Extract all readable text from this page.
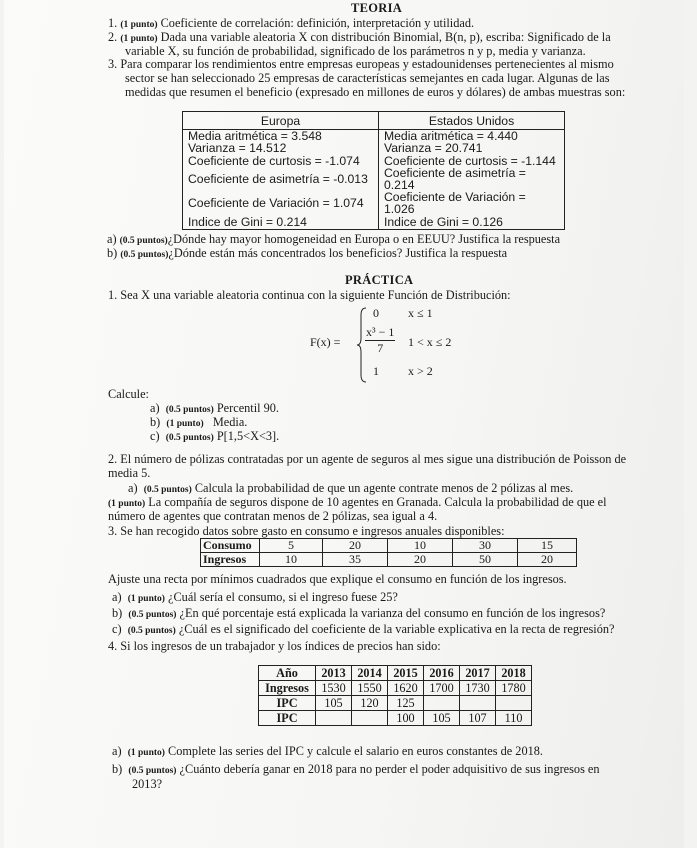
TEORIA
1. (1 punto) Coeficiente de correlación: definición, interpretación y utilidad.
2. (1 punto) Dada una variable aleatoria X con distribución Binomial, B(n, p), escriba: Significado de la
variable X, su función de probabilidad, significado de los parámetros n y p, media y varianza.
3. Para comparar los rendimientos entre empresas europeas y estadounidenses pertenecientes al mismo
sector se han seleccionado 25 empresas de características semejantes en cada lugar. Algunas de las
medidas que resumen el beneficio (expresado en millones de euros y dólares) de ambas muestras son:
Europa	Estados Unidos
Media aritmética = 3.548	Media aritmética = 4.440
Varianza = 14.512	Varianza = 20.741
Coeficiente de curtosis = -1.074	Coeficiente de curtosis = -1.144
Coeficiente de asimetría = -0.013	Coeficiente de asimetría = 0.214
Coeficiente de Variación = 1.074	Coeficiente de Variación = 1.026
Indice de Gini = 0.214	Indice de Gini = 0.126
a) (0.5 puntos)¿Dónde hay mayor homogeneidad en Europa o en EEUU? Justifica la respuesta
b) (0.5 puntos)¿Dónde están más concentrados los beneficios? Justifica la respuesta
PRÁCTICA
1. Sea X una variable aleatoria continua con la siguiente Función de Distribución:
F(x) =
0 x ≤ 1
$\frac{\text{x³ − 1}}{7} 1 < x \le 2$
1 x > 2
Calcule:
a) (0.5 puntos) Percentil 90.
b) (1 punto) Media.
c) (0.5 puntos) P[1,5<X<3].
2. El número de pólizas contratadas por un agente de seguros al mes sigue una distribución de Poisson de
media 5.
a) (0.5 puntos) Calcula la probabilidad de que un agente contrate menos de 2 pólizas al mes.
(1 punto) La compañía de seguros dispone de 10 agentes en Granada. Calcula la probabilidad de que el
número de agentes que contratan menos de 2 pólizas, sea igual a 4.
3. Se han recogido datos sobre gasto en consumo e ingresos anuales disponibles:
Consumo	5	20	10	30	15
Ingresos	10	35	20	50	20
Ajuste una recta por mínimos cuadrados que explique el consumo en función de los ingresos.
a) (1 punto) ¿Cuál sería el consumo, si el ingreso fuese 25?
b) (0.5 puntos) ¿En qué porcentaje está explicada la varianza del consumo en función de los ingresos?
c) (0.5 puntos) ¿Cuál es el significado del coeficiente de la variable explicativa en la recta de regresión?
4. Si los ingresos de un trabajador y los índices de precios han sido:
Año	2013	2014	2015	2016	2017	2018
Ingresos	1530	1550	1620	1700	1730	1780
IPC	105	120	125			
IPC			100	105	107	110
a) (1 punto) Complete las series del IPC y calcule el salario en euros constantes de 2018.
b) (0.5 puntos) ¿Cuánto debería ganar en 2018 para no perder el poder adquisitivo de sus ingresos en
2013?
